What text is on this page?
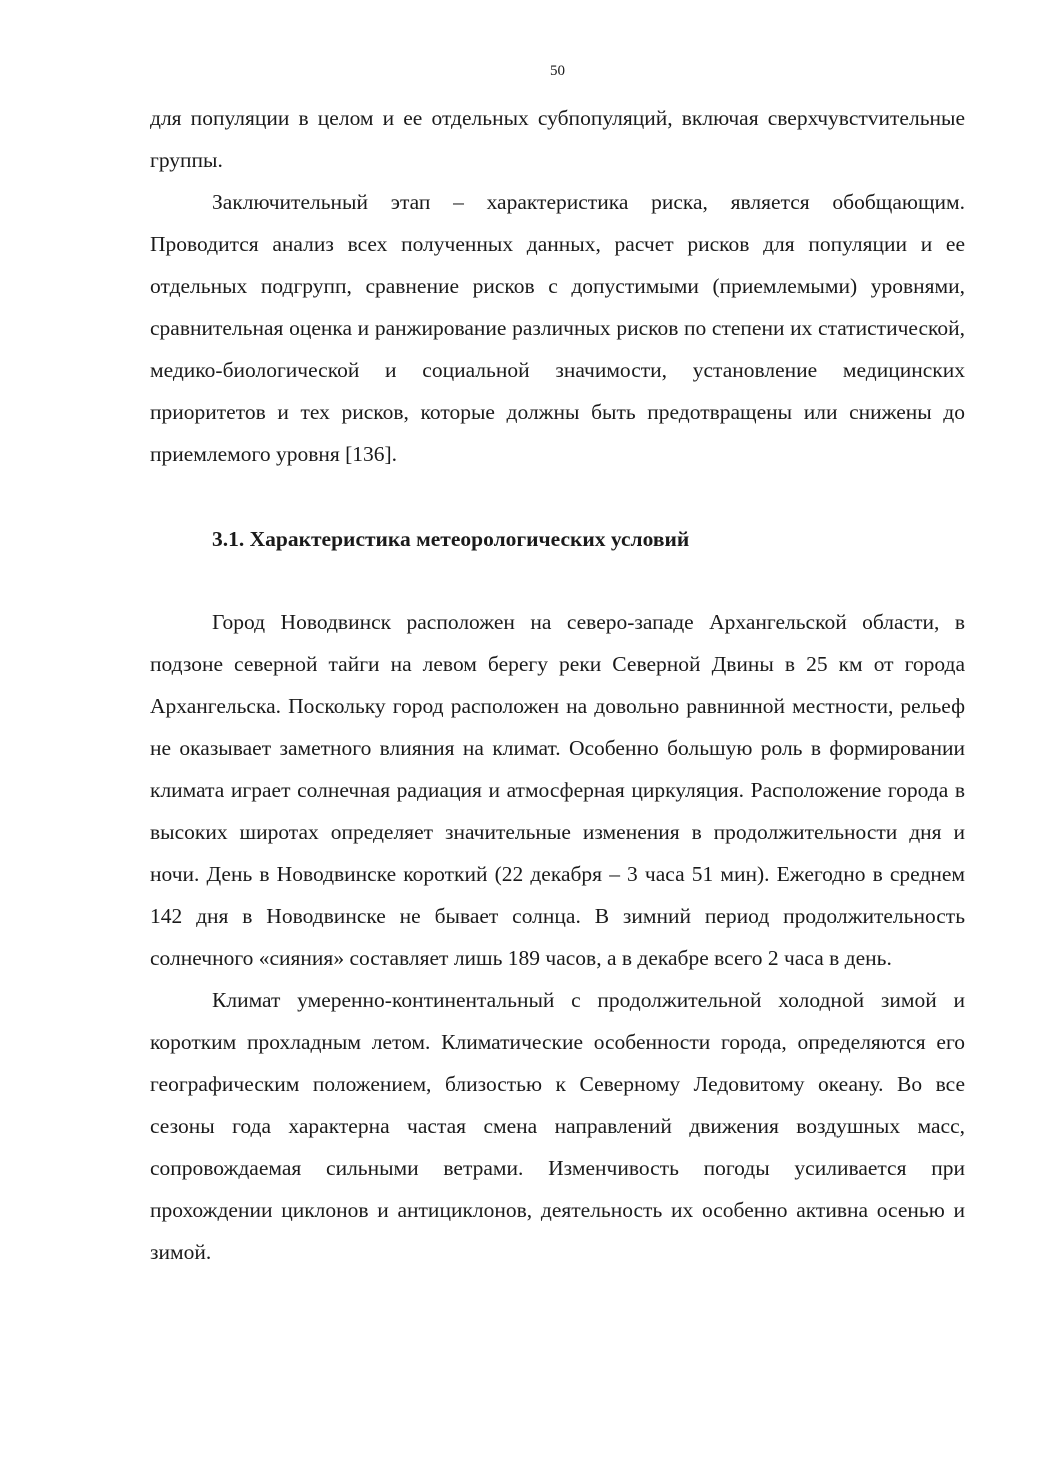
50

для популяции в целом и ее отдельных субпопуляций, включая сверхчувстvительные группы.

Заключительный этап – характеристика риска, является обобщающим. Проводится анализ всех полученных данных, расчет рисков для популяции и ее отдельных подгрупп, сравнение рисков с допустимыми (приемлемыми) уровнями, сравнительная оценка и ранжирование различных рисков по степени их статистической, медико-биологической и социальной значимости, установление медицинских приоритетов и тех рисков, которые должны быть предотвращены или снижены до приемлемого уровня [136].

3.1. Характеристика метеорологических условий

Город Новодвинск расположен на северо-западе Архангельской области, в подзоне северной тайги на левом берегу реки Северной Двины в 25 км от города Архангельска. Поскольку город расположен на довольно равнинной местности, рельеф не оказывает заметного влияния на климат. Особенно большую роль в формировании климата играет солнечная радиация и атмосферная циркуляция. Расположение города в высоких широтах определяет значительные изменения в продолжительности дня и ночи. День в Новодвинске короткий (22 декабря – 3 часа 51 мин). Ежегодно в среднем 142 дня в Новодвинске не бывает солнца. В зимний период продолжительность солнечного «сияния» составляет лишь 189 часов, а в декабре всего 2 часа в день.

Климат умеренно-континентальный с продолжительной холодной зимой и коротким прохладным летом. Климатические особенности города, определяются его географическим положением, близостью к Северному Ледовитому океану. Во все сезоны года характерна частая смена направлений движения воздушных масс, сопровождаемая сильными ветрами. Изменчивость погоды усиливается при прохождении циклонов и антициклонов, деятельность их особенно активна осенью и зимой.
